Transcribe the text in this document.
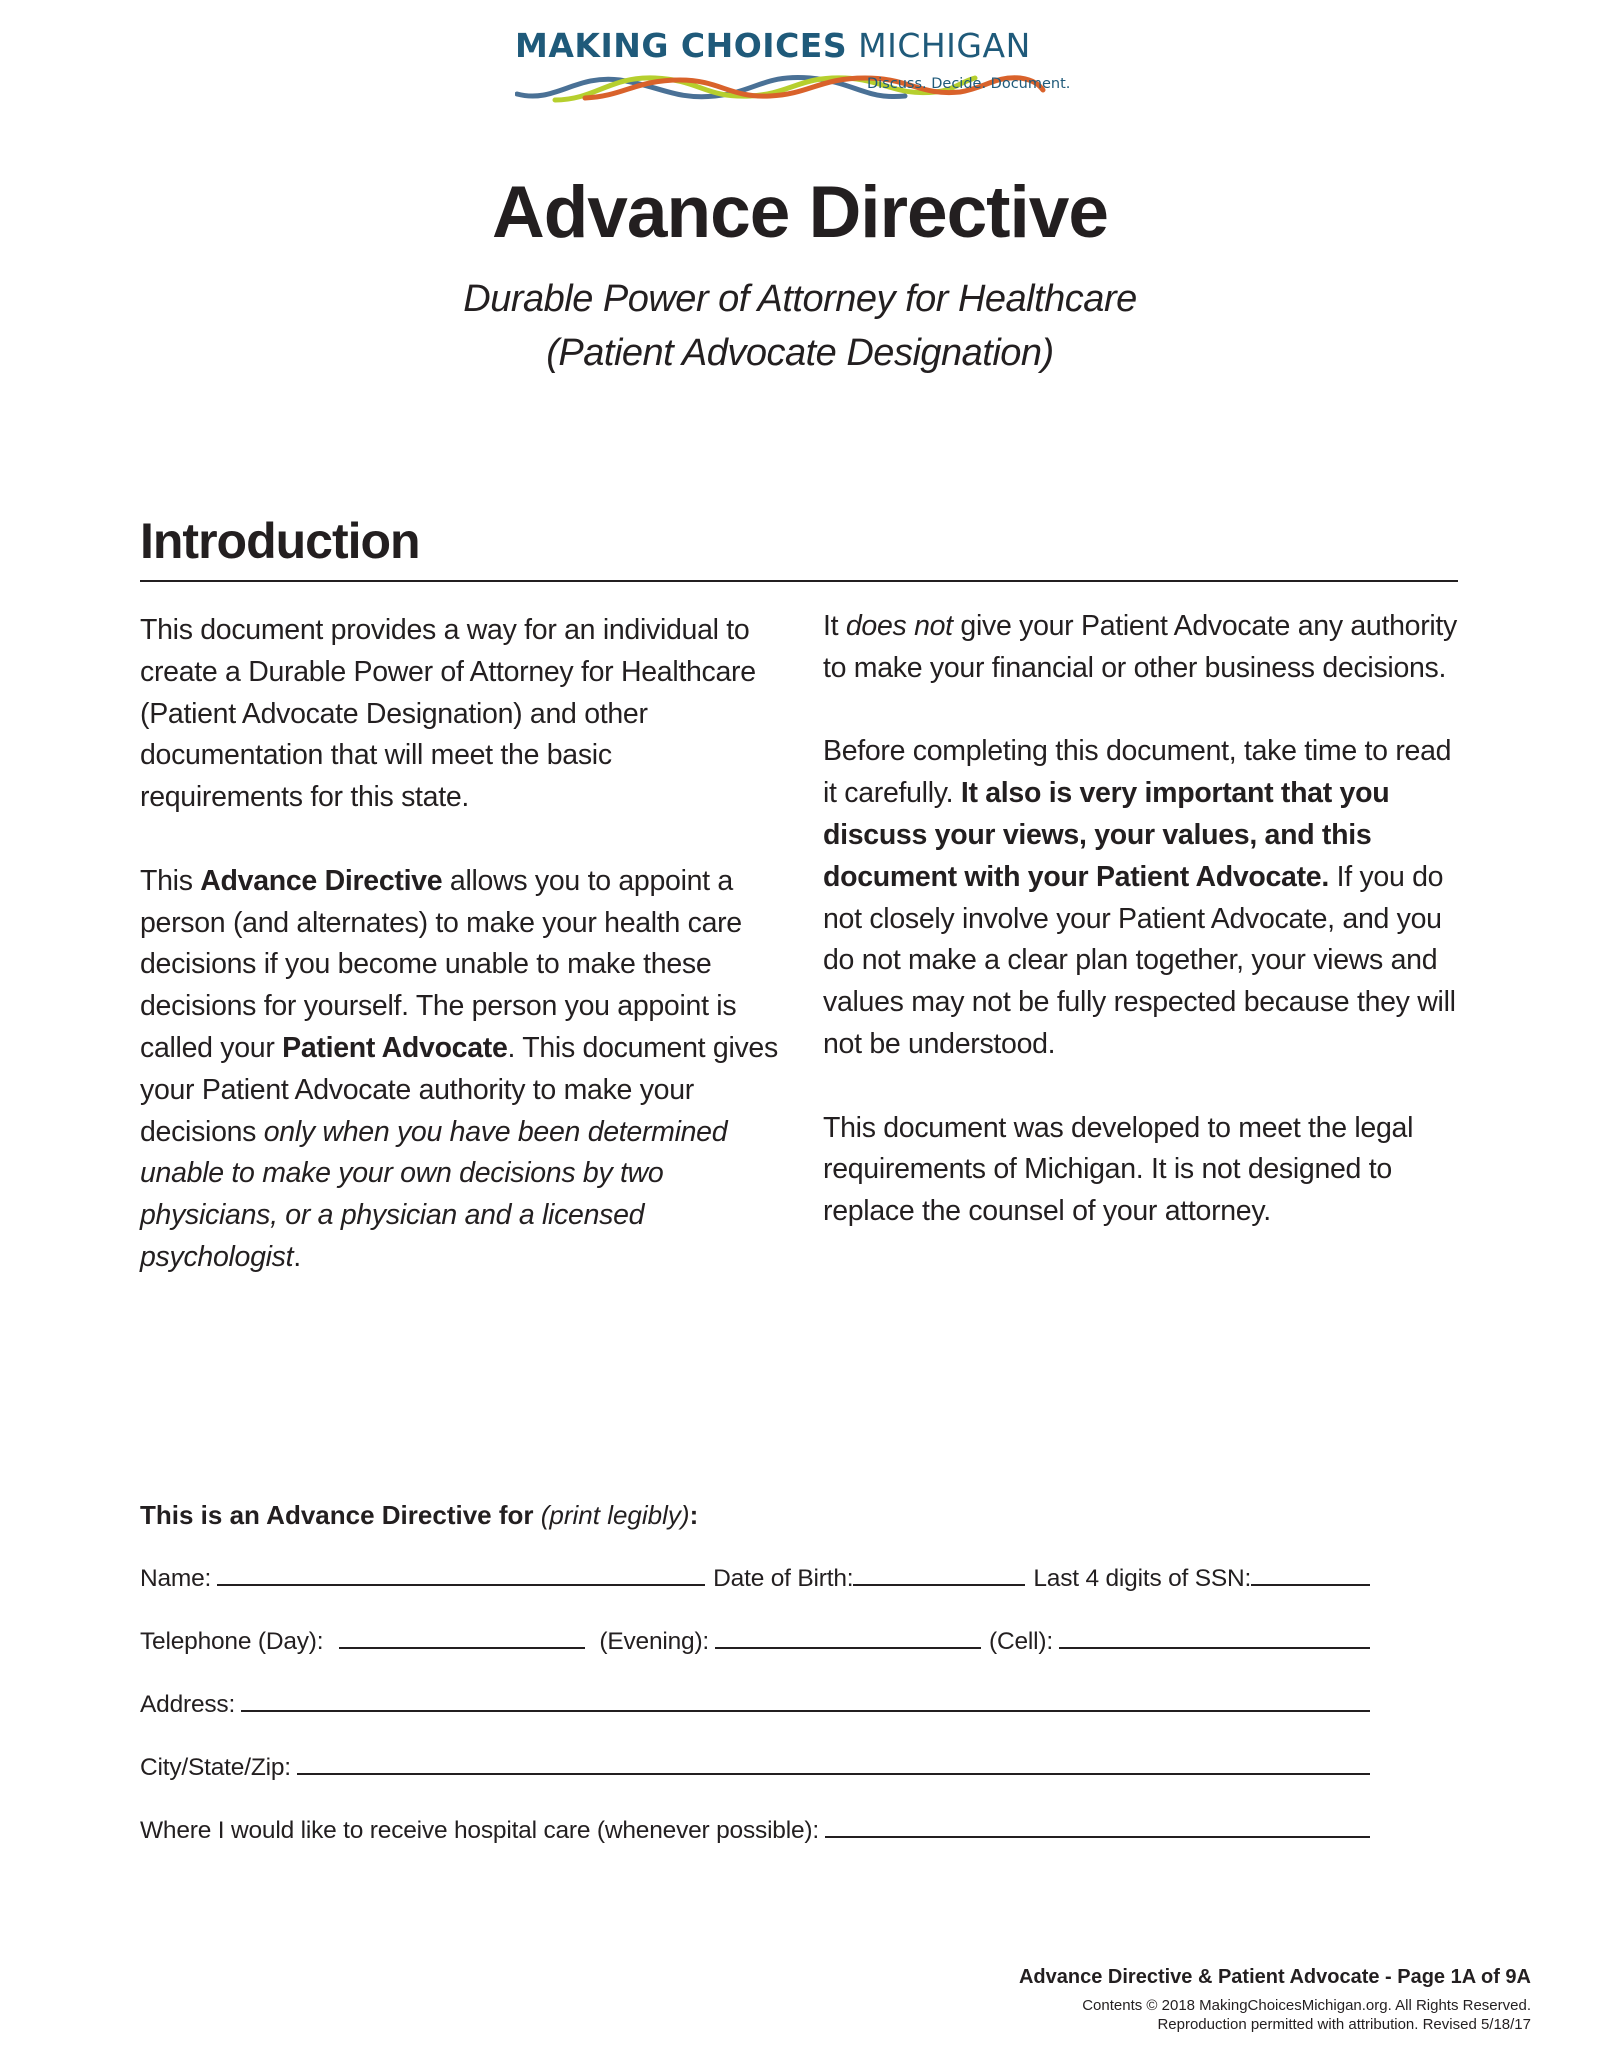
MAKING CHOICES MICHIGAN
Discuss. Decide. Document.
Advance Directive
Durable Power of Attorney for Healthcare
(Patient Advocate Designation)
Introduction

This document provides a way for an individual to create a Durable Power of Attorney for Healthcare (Patient Advocate Designation) and other documentation that will meet the basic requirements for this state.

This Advance Directive allows you to appoint a person (and alternates) to make your health care decisions if you become unable to make these decisions for yourself. The person you appoint is called your Patient Advocate. This document gives your Patient Advocate authority to make your decisions only when you have been determined unable to make your own decisions by two physicians, or a physician and a licensed psychologist.

It does not give your Patient Advocate any authority to make your financial or other business decisions.

Before completing this document, take time to read it carefully. It also is very important that you discuss your views, your values, and this document with your Patient Advocate. If you do not closely involve your Patient Advocate, and you do not make a clear plan together, your views and values may not be fully respected because they will not be understood.

This document was developed to meet the legal requirements of Michigan. It is not designed to replace the counsel of your attorney.

This is an Advance Directive for (print legibly):
Name:	Date of Birth:	Last 4 digits of SSN:
Telephone (Day):	(Evening):	(Cell):
Address:
City/State/Zip:
Where I would like to receive hospital care (whenever possible):
Advance Directive & Patient Advocate - Page 1A of 9A
Contents © 2018 MakingChoicesMichigan.org. All Rights Reserved.
Reproduction permitted with attribution. Revised 5/18/17
